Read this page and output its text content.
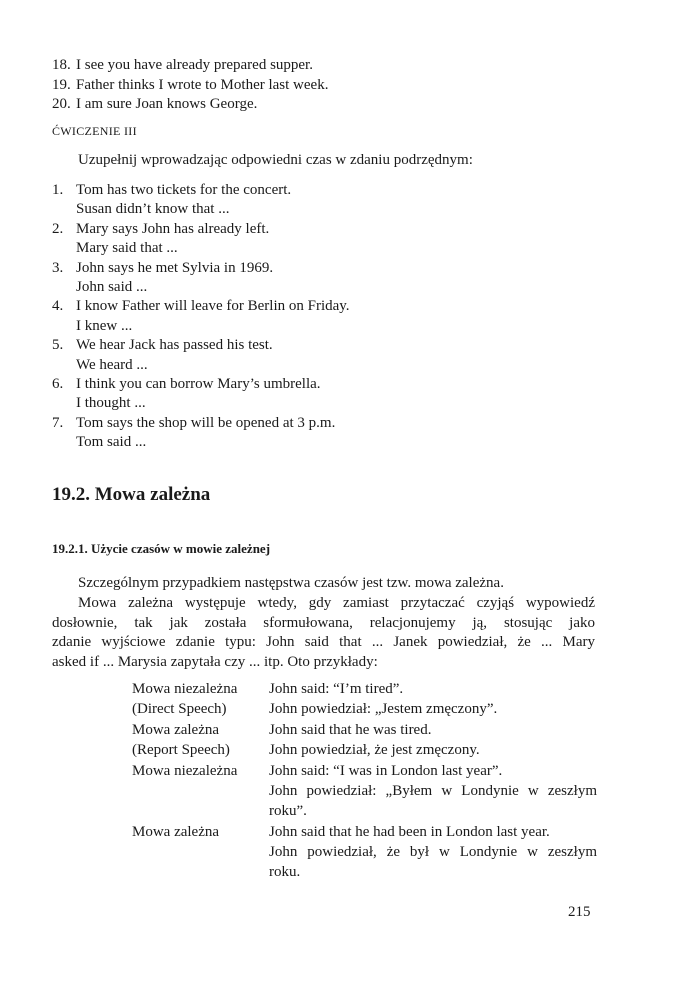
18. I see you have already prepared supper.
19. Father thinks I wrote to Mother last week.
20. I am sure Joan knows George.
ĆWICZENIE III
Uzupełnij wprowadzając odpowiedni czas w zdaniu podrzędnym:
1. Tom has two tickets for the concert.
Susan didn’t know that ...
2. Mary says John has already left.
Mary said that ...
3. John says he met Sylvia in 1969.
John said ...
4. I know Father will leave for Berlin on Friday.
I knew ...
5. We hear Jack has passed his test.
We heard ...
6. I think you can borrow Mary’s umbrella.
I thought ...
7. Tom says the shop will be opened at 3 p.m.
Tom said ...
19.2. Mowa zależna
19.2.1. Użycie czasów w mowie zależnej
Szczególnym przypadkiem następstwa czasów jest tzw. mowa zależna.
Mowa zależna występuje wtedy, gdy zamiast przytaczać czyjąś wypowiedź
dosłownie, tak jak została sformułowana, relacjonujemy ją, stosując jako
zdanie wyjściowe zdanie typu: John said that ... Janek powiedział, że ... Mary
asked if ... Marysia zapytała czy ... itp. Oto przykłady:
Mowa niezależna
(Direct Speech)
John said: “I’m tired”.
John powiedział: „Jestem zmęczony”.
Mowa zależna
(Report Speech)
John said that he was tired.
John powiedział, że jest zmęczony.
Mowa niezależna	John said: “I was in London last year”.
John powiedział: „Byłem w Londynie w zeszłym
roku”.
Mowa zależna	John said that he had been in London last year.
John powiedział, że był w Londynie w zeszłym
roku.
215
